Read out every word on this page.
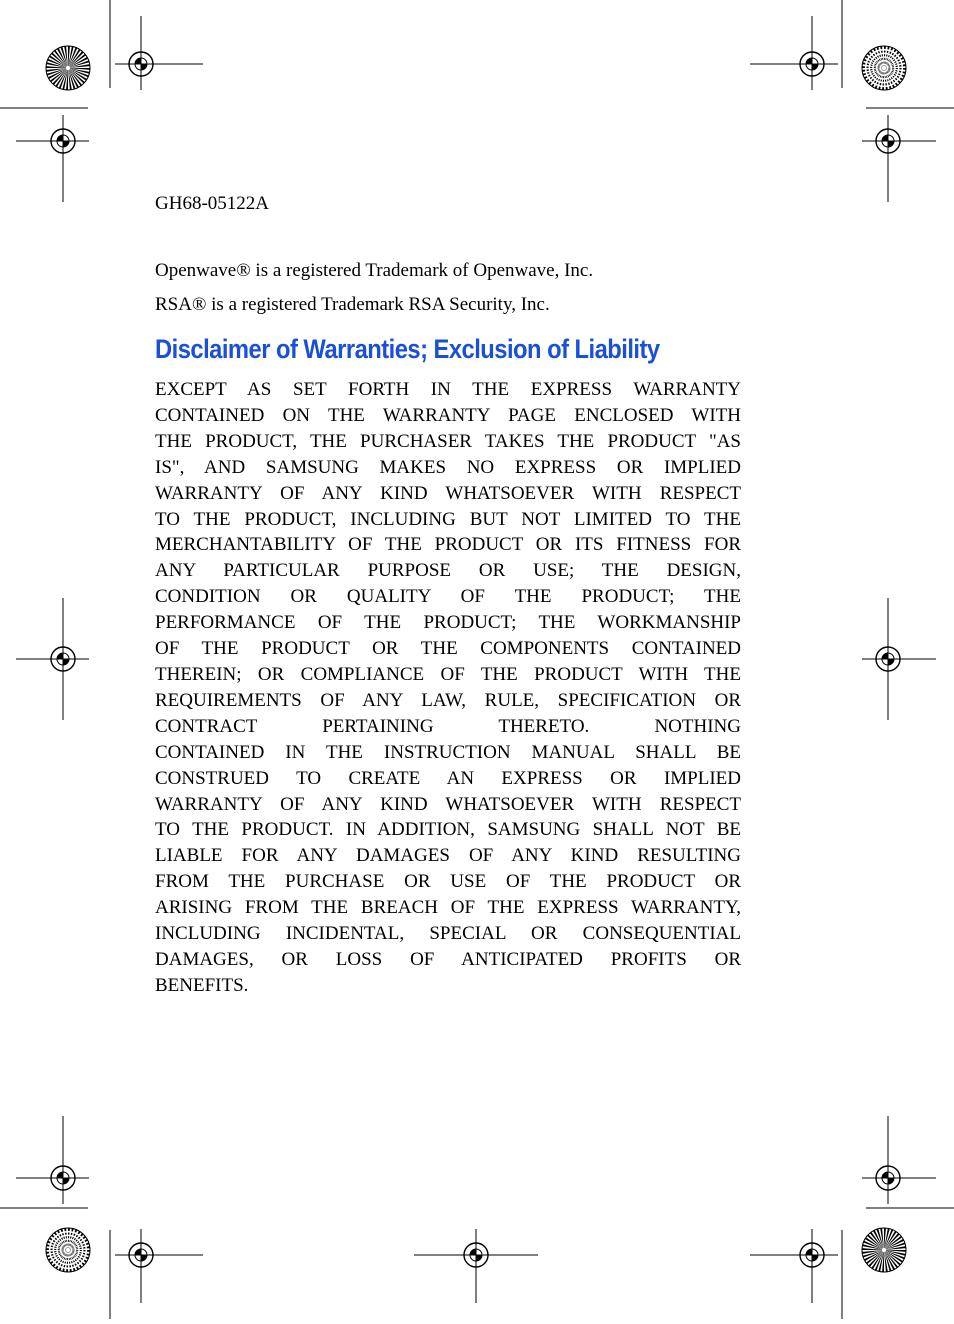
GH68-05122A
Openwave® is a registered Trademark of Openwave, Inc.
RSA® is a registered Trademark RSA Security, Inc.
Disclaimer of Warranties; Exclusion of Liability
EXCEPT AS SET FORTH IN THE EXPRESS WARRANTY
CONTAINED ON THE WARRANTY PAGE ENCLOSED WITH
THE PRODUCT, THE PURCHASER TAKES THE PRODUCT "AS
IS", AND SAMSUNG MAKES NO EXPRESS OR IMPLIED
WARRANTY OF ANY KIND WHATSOEVER WITH RESPECT
TO THE PRODUCT, INCLUDING BUT NOT LIMITED TO THE
MERCHANTABILITY OF THE PRODUCT OR ITS FITNESS FOR
ANY PARTICULAR PURPOSE OR USE; THE DESIGN,
CONDITION OR QUALITY OF THE PRODUCT; THE
PERFORMANCE OF THE PRODUCT; THE WORKMANSHIP
OF THE PRODUCT OR THE COMPONENTS CONTAINED
THEREIN; OR COMPLIANCE OF THE PRODUCT WITH THE
REQUIREMENTS OF ANY LAW, RULE, SPECIFICATION OR
CONTRACT PERTAINING THERETO. NOTHING
CONTAINED IN THE INSTRUCTION MANUAL SHALL BE
CONSTRUED TO CREATE AN EXPRESS OR IMPLIED
WARRANTY OF ANY KIND WHATSOEVER WITH RESPECT
TO THE PRODUCT. IN ADDITION, SAMSUNG SHALL NOT BE
LIABLE FOR ANY DAMAGES OF ANY KIND RESULTING
FROM THE PURCHASE OR USE OF THE PRODUCT OR
ARISING FROM THE BREACH OF THE EXPRESS WARRANTY,
INCLUDING INCIDENTAL, SPECIAL OR CONSEQUENTIAL
DAMAGES, OR LOSS OF ANTICIPATED PROFITS OR
BENEFITS.
